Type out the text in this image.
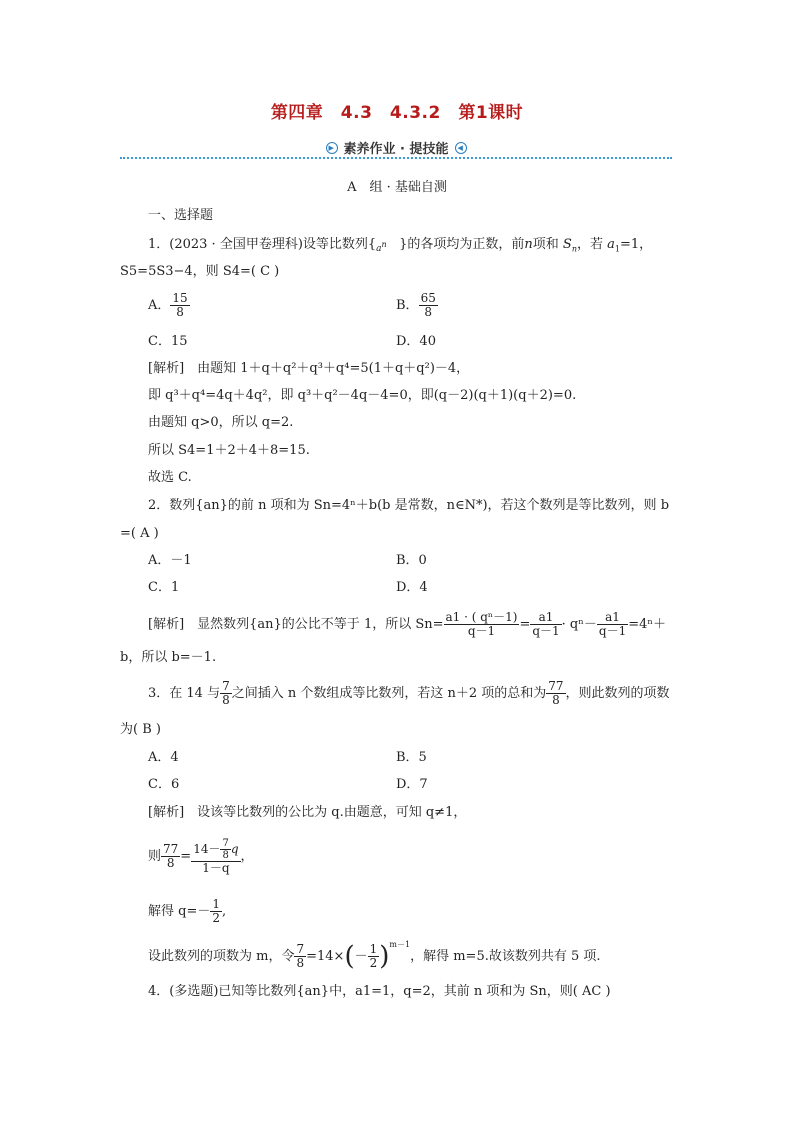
第四章　4.3　4.3.2　第1课时
▶ 素养作业 · 提技能 ◀
A　组 · 基础自测
一、选择题
1．(2023 · 全国甲卷理科)设等比数列{$^{a^n}$ }的各项均为正数，前n项和 $S_n$，若 $a_1=1$，
S5=5S3−4，则 S4=( C )
A． $\frac{15}{8}$	B． $\frac{65}{8}$
C．15	D．40
[解析]　由题知 1＋q＋q²＋q³＋q⁴=5(1＋q＋q²)－4，
即 q³＋q⁴=4q＋4q²，即 q³＋q²－4q－4=0，即(q－2)(q＋1)(q＋2)=0.
由题知 q>0，所以 q=2.
所以 S4=1＋2＋4＋8=15.
故选 C.
2．数列{an}的前 n 项和为 Sn=4ⁿ＋b(b 是常数，n∈N*)，若这个数列是等比数列，则 b
=( A )
A．－1	B．0
C．1	D．4
[解析]　显然数列{an}的公比不等于 1，所以 $Sn= \frac{\text{a1 · ( qⁿ－1)}}{q-1} = \frac{a1}{q-1} \cdot q^n- \frac{a1}{q-1} =4^n+$
b，所以 b=－1.
3．在 14 与 $\frac{7}{8}$ 之间插入 n 个数组成等比数列，若这 n＋2 项的总和为 $\frac{77}{8}$ ，则此数列的项数
为( B )
A．4	B．5
C．6	D．7
[解析]　设该等比数列的公比为 q.由题意，可知 q≠1，
则 $\frac{77}{8} = \frac{14- \frac{7}{8} q}{1-q}$ ，
解得 $q=- \frac{1}{2}$ ,
设此数列的项数为 m，令 $\frac{7}{8} =14\times(- \frac{1}{2} )^{m-1}$，解得 m=5.故该数列共有 5 项.
4．(多选题)已知等比数列{an}中，a1=1，q=2，其前 n 项和为 Sn，则( AC )
